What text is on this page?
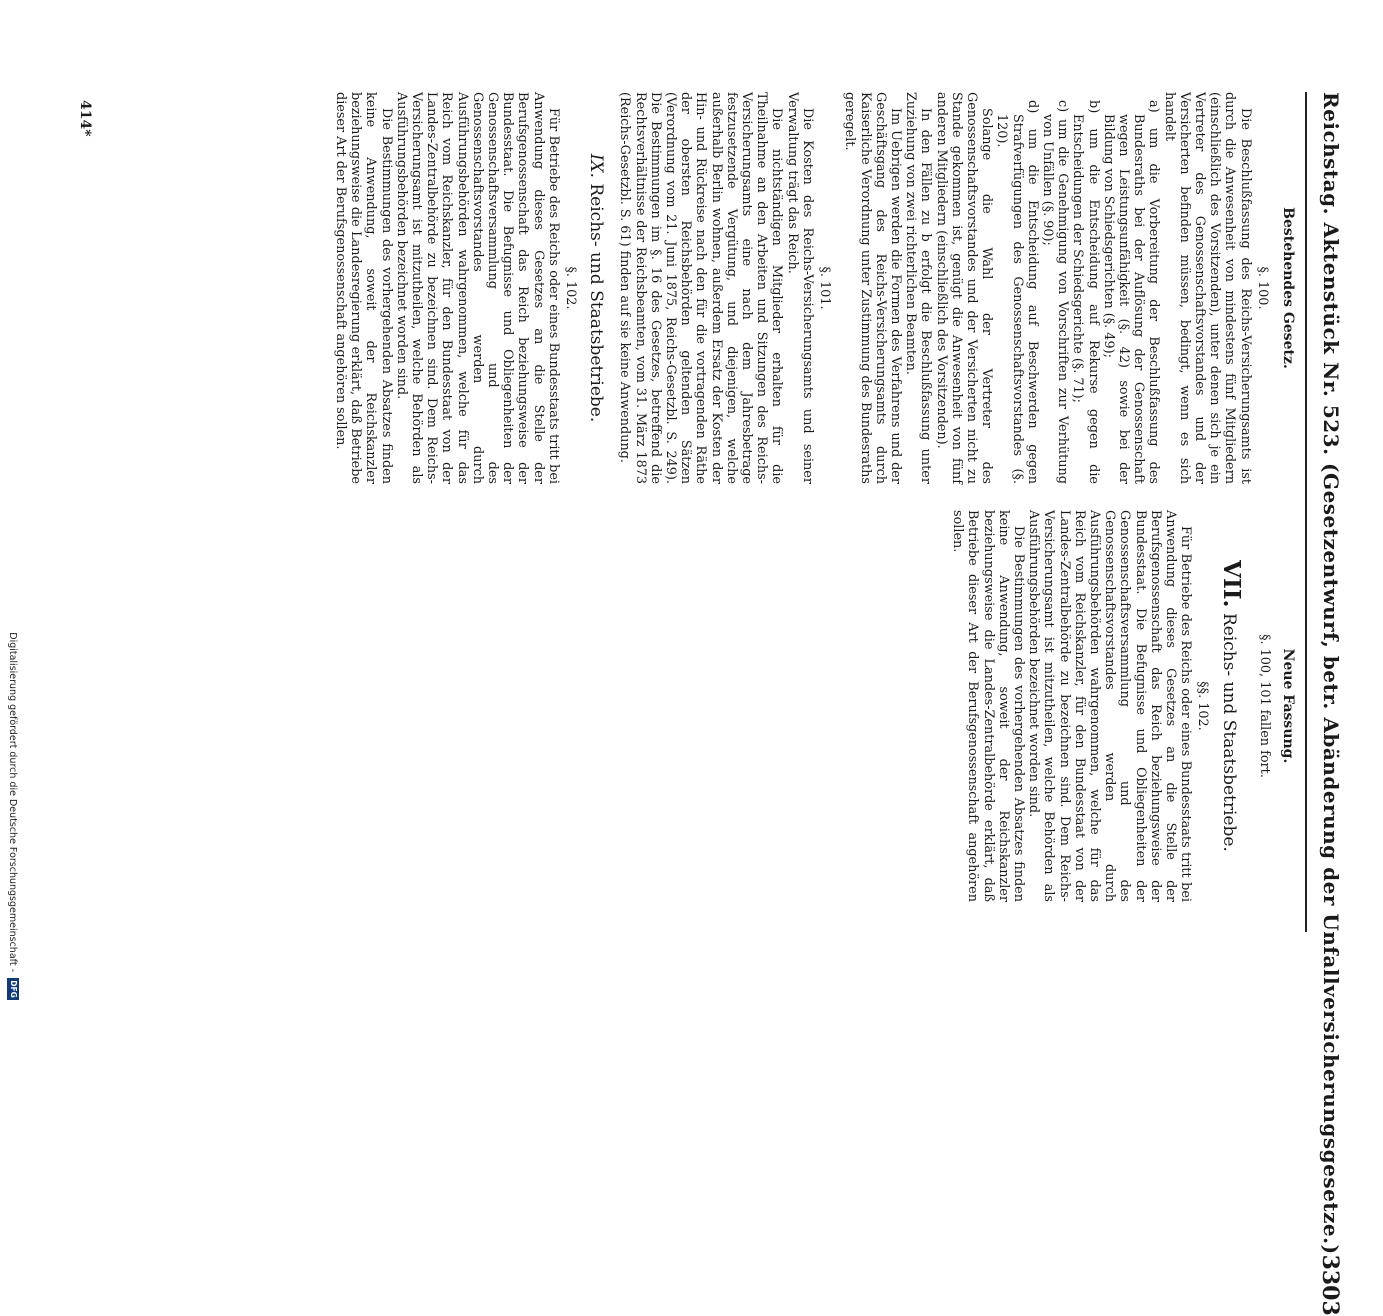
Reichstag. Aktenstück Nr. 523. (Gesetzentwurf, betr. Abänderung der Unfallversicherungsgesetze.)
3303
Bestehendes Gesetz.

§. 100.

Die Beschlußfassung des Reichs-Versicherungsamts ist durch die Anwesenheit von mindestens fünf Mitgliedern (einschließlich des Vorsitzenden), unter denen sich je ein Vertreter des Genossenschaftsvorstandes und der Versicherten befinden müssen, bedingt, wenn es sich handelt

a) um die Vorbereitung der Beschlußfassung des Bundesraths bei der Auflösung der Genossenschaft wegen Leistungsunfähigkeit (§. 42) sowie bei der Bildung von Schiedsgerichten (§. 49);

b) um die Entscheidung auf Rekurse gegen die Entscheidungen der Schiedsgerichte (§. 71);

c) um die Genehmigung von Vorschriften zur Verhütung von Unfällen (§. 90);

d) um die Entscheidung auf Beschwerden gegen Strafverfügungen des Genossenschaftsvorstandes (§. 120).

Solange die Wahl der Vertreter des Genossenschaftsvorstandes und der Versicherten nicht zu Stande gekommen ist, genügt die Anwesenheit von fünf anderen Mitgliedern (einschließlich des Vorsitzenden).

In den Fällen zu b erfolgt die Beschlußfassung unter Zuziehung von zwei richterlichen Beamten.

Im Uebrigen werden die Formen des Verfahrens und der Geschäftsgang des Reichs-Versicherungsamts durch Kaiserliche Verordnung unter Zustimmung des Bundesraths geregelt.

§. 101.

Die Kosten des Reichs-Versicherungsamts und seiner Verwaltung trägt das Reich.

Die nichtständigen Mitglieder erhalten für die Theilnahme an den Arbeiten und Sitzungen des Reichs-Versicherungsamts eine nach dem Jahresbetrage festzusetzende Vergütung, und diejenigen, welche außerhalb Berlin wohnen, außerdem Ersatz der Kosten der Hin- und Rückreise nach den für die vortragenden Räthe der obersten Reichsbehörden geltenden Sätzen (Verordnung vom 21. Juni 1875, Reichs-Gesetzbl. S. 249). Die Bestimmungen im §. 16 des Gesetzes, betreffend die Rechtsverhältnisse der Reichsbeamten, vom 31. März 1873 (Reichs-Gesetzbl. S. 61) finden auf sie keine Anwendung.

IX. Reichs- und Staatsbetriebe.

§. 102.

Für Betriebe des Reichs oder eines Bundesstaats tritt bei Anwendung dieses Gesetzes an die Stelle der Berufsgenossenschaft das Reich beziehungsweise der Bundesstaat. Die Befugnisse und Obliegenheiten der Genossenschaftsversammlung und des Genossenschaftsvorstandes werden durch Ausführungsbehörden wahrgenommen, welche für das Reich vom Reichskanzler, für den Bundesstaat von der Landes-Zentralbehörde zu bezeichnen sind. Dem Reichs-Versicherungsamt ist mitzutheilen, welche Behörden als Ausführungsbehörden bezeichnet worden sind.

Die Bestimmungen des vorhergehenden Absatzes finden keine Anwendung, soweit der Reichskanzler beziehungsweise die Landesregierung erklärt, daß Betriebe dieser Art der Berufsgenossenschaft angehören sollen.

Neue Fassung.

§. 100, 101 fallen fort.

VII. Reichs- und Staatsbetriebe.

§§. 102.

Für Betriebe des Reichs oder eines Bundesstaats tritt bei Anwendung dieses Gesetzes an die Stelle der Berufsgenossenschaft das Reich beziehungsweise der Bundesstaat. Die Befugnisse und Obliegenheiten der Genossenschaftsversammlung und des Genossenschaftsvorstandes werden durch Ausführungsbehörden wahrgenommen, welche für das Reich vom Reichskanzler, für den Bundesstaat von der Landes-Zentralbehörde zu bezeichnen sind. Dem Reichs-Versicherungsamt ist mitzutheilen, welche Behörden als Ausführungsbehörden bezeichnet worden sind.

Die Bestimmungen des vorhergehenden Absatzes finden keine Anwendung, soweit der Reichskanzler beziehungsweise die Landes-Zentralbehörde erklärt, daß Betriebe dieser Art der Berufsgenossenschaft angehören sollen.

414*
Digitalisierung gefördert durch die Deutsche Forschungsgemeinschaft -
DFG
